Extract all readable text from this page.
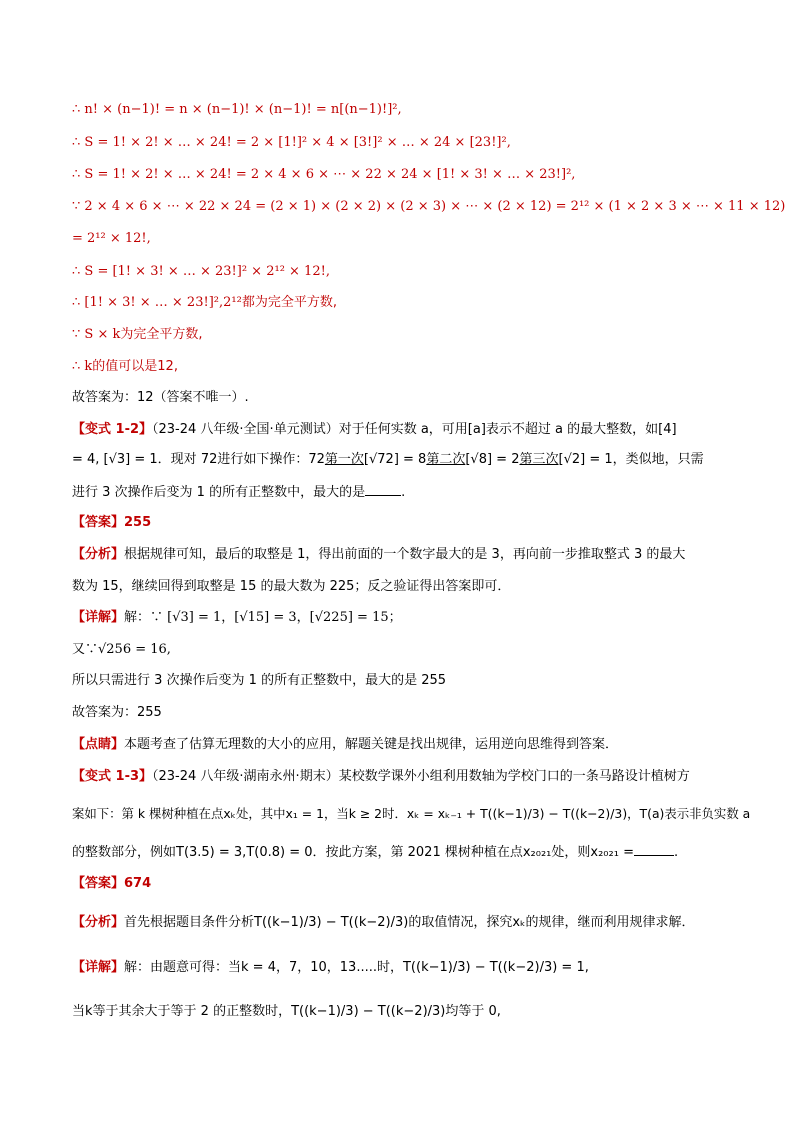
∴ n! × (n−1)! = n × (n−1)! × (n−1)! = n[(n−1)!]²,
∴ S = 1! × 2! × … × 24! = 2 × [1!]² × 4 × [3!]² × … × 24 × [23!]²,
∴ S = 1! × 2! × … × 24! = 2 × 4 × 6 × ⋯ × 22 × 24 × [1! × 3! × … × 23!]²,
∵ 2 × 4 × 6 × ⋯ × 22 × 24 = (2 × 1) × (2 × 2) × (2 × 3) × ⋯ × (2 × 12) = 2¹² × (1 × 2 × 3 × ⋯ × 11 × 12)
= 2¹² × 12!,
∴ S = [1! × 3! × … × 23!]² × 2¹² × 12!,
∴ [1! × 3! × … × 23!]²,2¹²都为完全平方数,
∵ S × k为完全平方数,
∴ k的值可以是12,
故答案为：12（答案不唯一）.
【变式 1-2】（23-24 八年级·全国·单元测试）对于任何实数 a，可用[a]表示不超过 a 的最大整数，如[4]
= 4, [√3] = 1．现对 72进行如下操作：72第一次[√72] = 8第二次[√8] = 2第三次[√2] = 1，类似地，只需
进行 3 次操作后变为 1 的所有正整数中，最大的是	.
【答案】255
【分析】根据规律可知，最后的取整是 1，得出前面的一个数字最大的是 3，再向前一步推取整式 3 的最大
数为 15，继续回得到取整是 15 的最大数为 225；反之验证得出答案即可．
【详解】解：∵ [√3] = 1，[√15] = 3，[√225] = 15；
又∵√256 = 16,
所以只需进行 3 次操作后变为 1 的所有正整数中，最大的是 255
故答案为：255
【点睛】本题考查了估算无理数的大小的应用，解题关键是找出规律，运用逆向思维得到答案．
【变式 1-3】（23-24 八年级·湖南永州·期末）某校数学课外小组利用数轴为学校门口的一条马路设计植树方
案如下：第 k 棵树种植在点xₖ处，其中x₁ = 1，当k ≥ 2时．xₖ = xₖ₋₁ + T((k−1)/3) − T((k−2)/3)，T(a)表示非负实数 a
的整数部分，例如T(3.5) = 3,T(0.8) = 0．按此方案，第 2021 棵树种植在点x₂₀₂₁处，则x₂₀₂₁ =	.
【答案】674
【分析】首先根据题目条件分析T((k−1)/3) − T((k−2)/3)的取值情况，探究xₖ的规律，继而利用规律求解．
【详解】解：由题意可得：当k = 4，7，10，13.....时，T((k−1)/3) − T((k−2)/3) = 1,
当k等于其余大于等于 2 的正整数时，T((k−1)/3) − T((k−2)/3)均等于 0,
